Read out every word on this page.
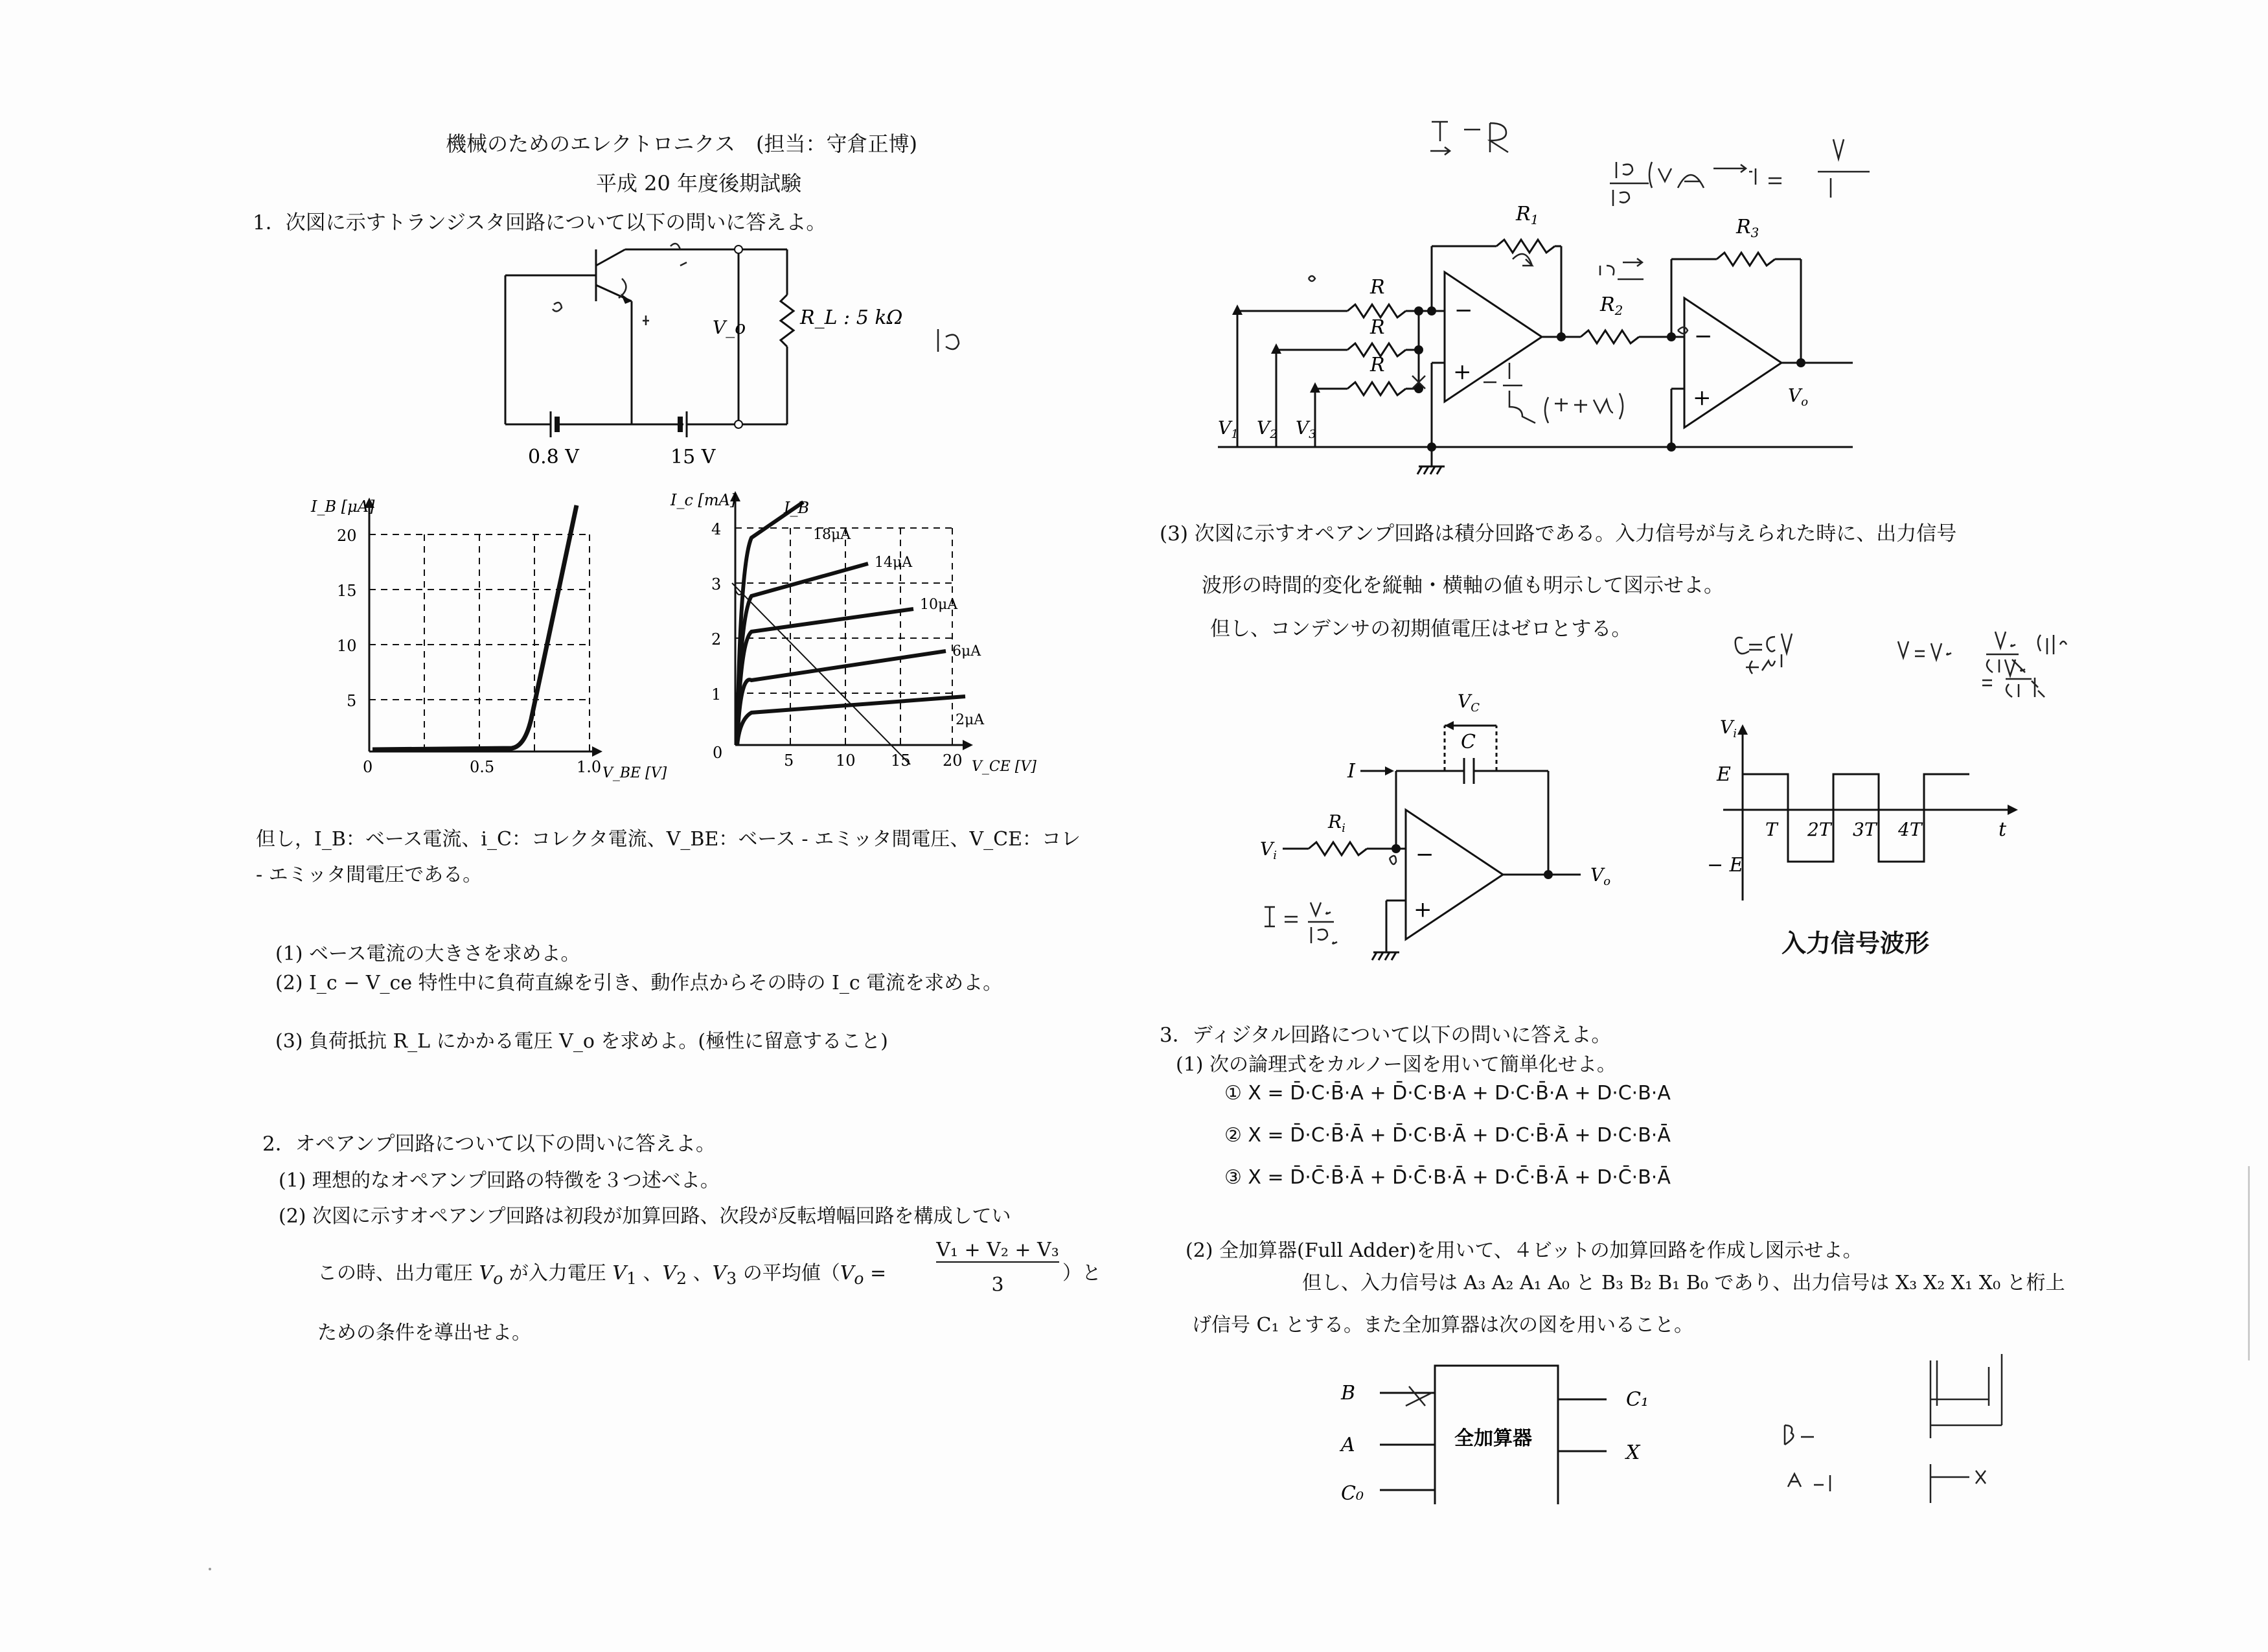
機械のためのエレクトロニクス　(担当：守倉正博)
平成 20 年度後期試験
1．次図に示すトランジスタ回路について以下の問いに答えよ。
R_L : 5 kΩ
V_o
0.8 V	15 V
I_B [μA]
20
15
10
5
0	0.5	1.0 V_BE [V]
I_c [mA]	I_B
4
3
2
1
0	5	10 15 20 V_CE [V]
18μA
14μA
10μA
6μA
2μA
但し，I_B：ベース電流、i_C：コレクタ電流、V_BE：ベース ‐ エミッタ間電圧、V_CE：コレ
‐ エミッタ間電圧である。
(1) ベース電流の大きさを求めよ。
(2) I_c − V_ce 特性中に負荷直線を引き、動作点からその時の I_c 電流を求めよ。
(3) 負荷抵抗 R_L にかかる電圧 V_o を求めよ。(極性に留意すること)
2．オペアンプ回路について以下の問いに答えよ。
(1) 理想的なオペアンプ回路の特徴を３つ述べよ。
(2) 次図に示すオペアンプ回路は初段が加算回路、次段が反転増幅回路を構成してい
この時、出力電圧 $V_o$ が入力電圧 $V_1$ 、$V_2$ 、$V_3$ の平均値（$V_o$ =
V₁ + V₂ + V₃
3
）と
ための条件を導出せよ。
R
R
R
$R_1$
$R_2$
$R_3$
−
+
−
+
$V_1$ $V_2$ $V_3$
$V_o$
(3) 次図に示すオペアンプ回路は積分回路である。入力信号が与えられた時に、出力信号
波形の時間的変化を縦軸・横軸の値も明示して図示せよ。
但し、コンデンサの初期値電圧はゼロとする。
−
+
C
$V_C$
I
$R_i$
$V_i$
$V_o$
$V_i$
E
− E
t
T 2T 3T 4T
入力信号波形
3．ディジタル回路について以下の問いに答えよ。
(1) 次の論理式をカルノー図を用いて簡単化せよ。
① X = D̄·C·B̄·A + D̄·C·B·A + D·C·B̄·A + D·C·B·A
② X = D̄·C·B̄·Ā + D̄·C·B·Ā + D·C·B̄·Ā + D·C·B·Ā
③ X = D̄·C̄·B̄·Ā + D̄·C̄·B·Ā + D·C̄·B̄·Ā + D·C̄·B·Ā
(2) 全加算器(Full Adder)を用いて、４ビットの加算回路を作成し図示せよ。
但し、入力信号は A₃ A₂ A₁ A₀ と B₃ B₂ B₁ B₀ であり、出力信号は X₃ X₂ X₁ X₀ と桁上
げ信号 C₁ とする。また全加算器は次の図を用いること。
B
A
C₀
C₁
X
全加算器
